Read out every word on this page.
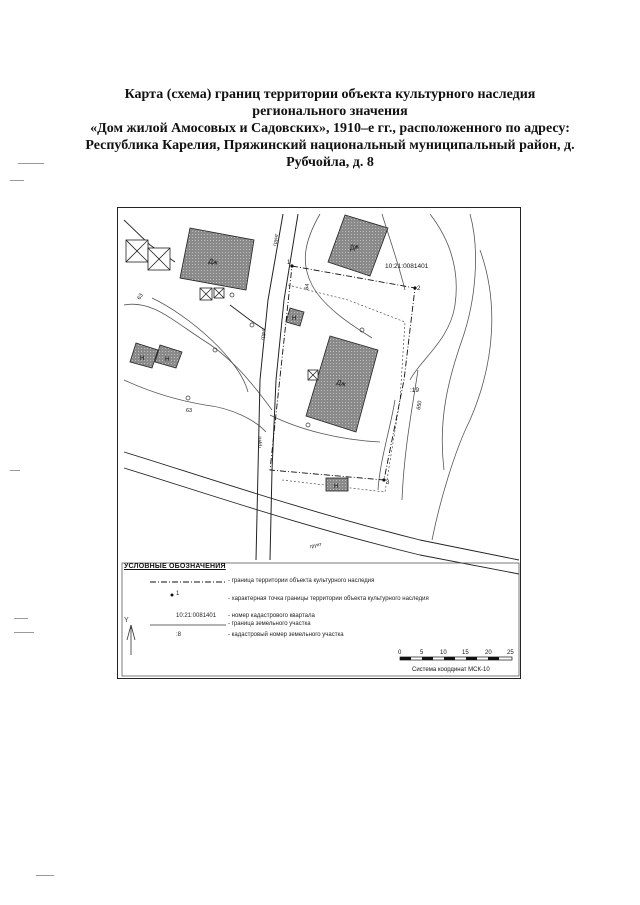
Карта (схема) границ территории объекта культурного наследия
регионального значения
«Дом жилой Амосовых и Садовских», 1910–е гг., расположенного по адресу:
Республика Карелия, Пряжинский национальный муниципальный район, д.
Рубчойла, д. 8
Дж
Дж
Дж
Н
Н	Н
Н
10:21:0081401
:19
1
2
3
63
63
64
650
грунт
грунт
грунт
грунт
0	5	10	15	20	25
Y
УСЛОВНЫЕ ОБОЗНАЧЕНИЯ
- граница территории объекта культурного наследия
1
- характерная точка границы территории объекта культурного наследия
10:21:0081401 - номер кадастрового квартала
- граница земельного участка
:8	- кадастровый номер земельного участка
Система координат МСК-10
